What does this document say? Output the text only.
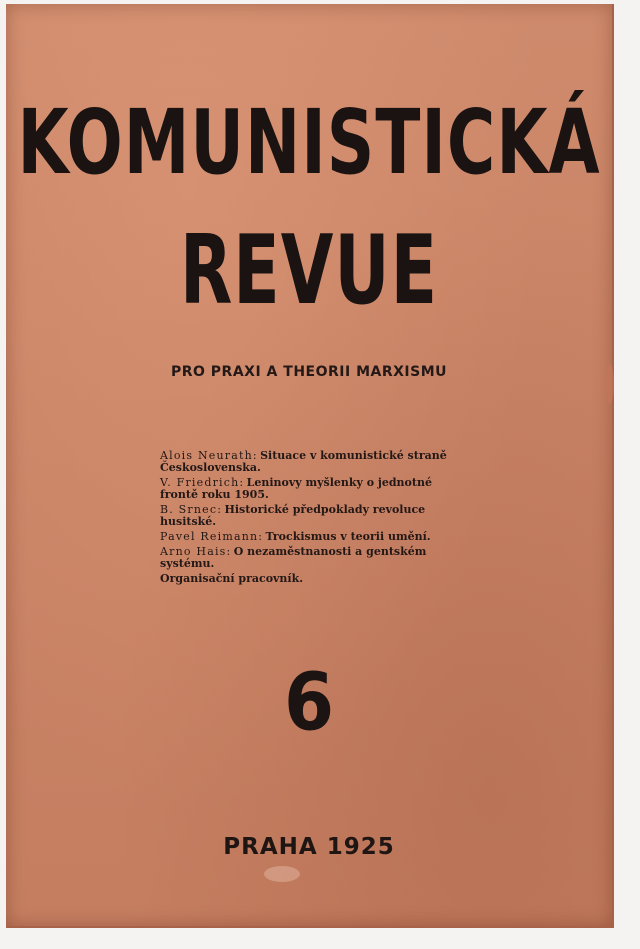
KOMUNISTICKÁ
REVUE
PRO PRAXI A THEORII MARXISMU
Alois Neurath: Situace v komunistické straně Československa.
V. Friedrich: Leninovy myšlenky o jednotné frontě roku 1905.
B. Srnec: Historické předpoklady revoluce husitské.
Pavel Reimann: Trockismus v teorii umění.
Arno Hais: O nezaměstnanosti a gentském systému.
Organisační pracovník.
6
PRAHA 1925
